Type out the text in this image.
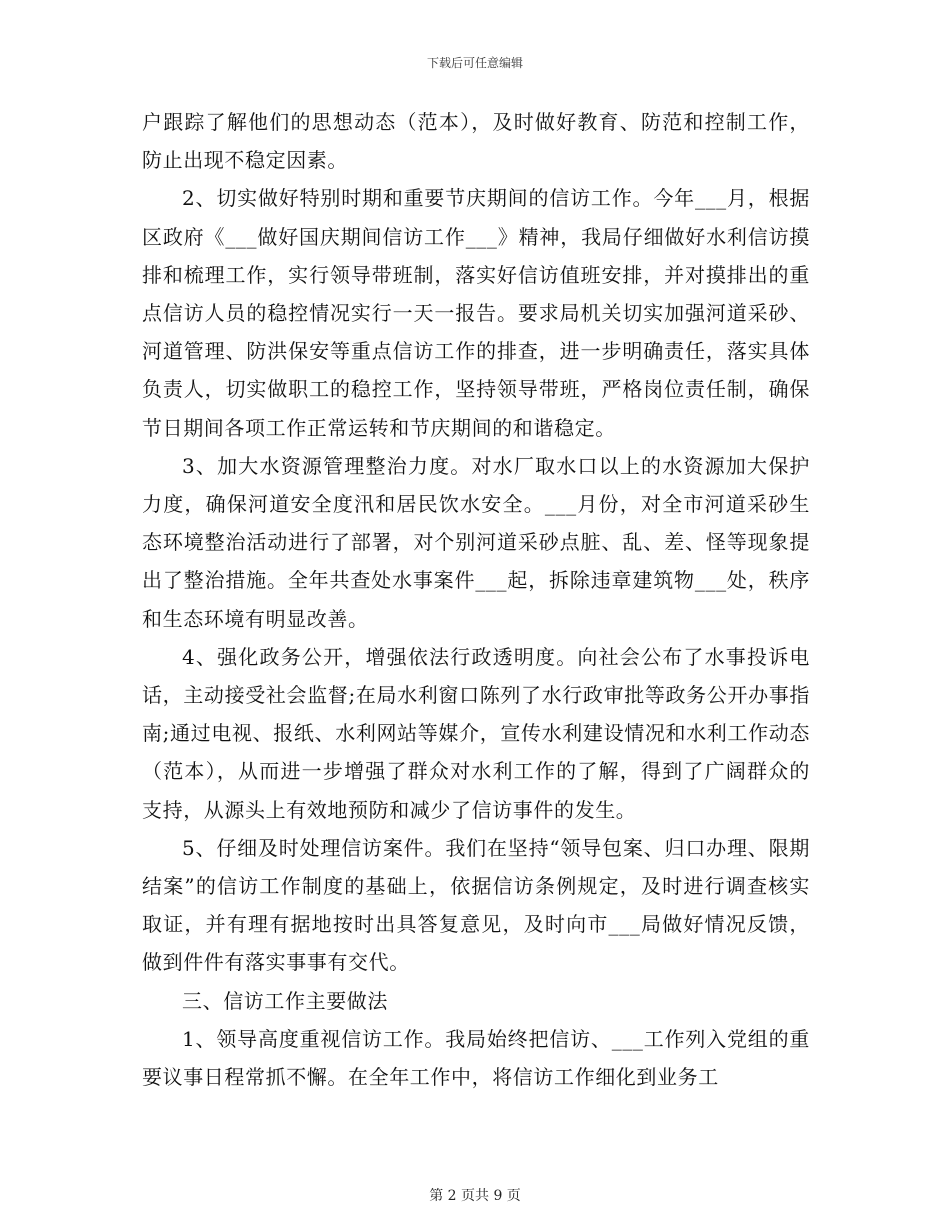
下载后可任意编辑

户跟踪了解他们的思想动态（范本），及时做好教育、防范和控制工作，防止出现不稳定因素。

2、切实做好特别时期和重要节庆期间的信访工作。今年___月，根据区政府《___做好国庆期间信访工作___》精神，我局仔细做好水利信访摸排和梳理工作，实行领导带班制，落实好信访值班安排，并对摸排出的重点信访人员的稳控情况实行一天一报告。要求局机关切实加强河道采砂、河道管理、防洪保安等重点信访工作的排查，进一步明确责任，落实具体负责人，切实做职工的稳控工作，坚持领导带班，严格岗位责任制，确保节日期间各项工作正常运转和节庆期间的和谐稳定。

3、加大水资源管理整治力度。对水厂取水口以上的水资源加大保护力度，确保河道安全度汛和居民饮水安全。___月份，对全市河道采砂生态环境整治活动进行了部署，对个别河道采砂点脏、乱、差、怪等现象提出了整治措施。全年共查处水事案件___起，拆除违章建筑物___处，秩序和生态环境有明显改善。

4、强化政务公开，增强依法行政透明度。向社会公布了水事投诉电话，主动接受社会监督;在局水利窗口陈列了水行政审批等政务公开办事指南;通过电视、报纸、水利网站等媒介，宣传水利建设情况和水利工作动态（范本），从而进一步增强了群众对水利工作的了解，得到了广阔群众的支持，从源头上有效地预防和减少了信访事件的发生。

5、仔细及时处理信访案件。我们在坚持“领导包案、归口办理、限期结案”的信访工作制度的基础上，依据信访条例规定，及时进行调查核实取证，并有理有据地按时出具答复意见，及时向市___局做好情况反馈，做到件件有落实事事有交代。

三、信访工作主要做法

1、领导高度重视信访工作。我局始终把信访、___工作列入党组的重要议事日程常抓不懈。在全年工作中，将信访工作细化到业务工

第 2 页共 9 页
